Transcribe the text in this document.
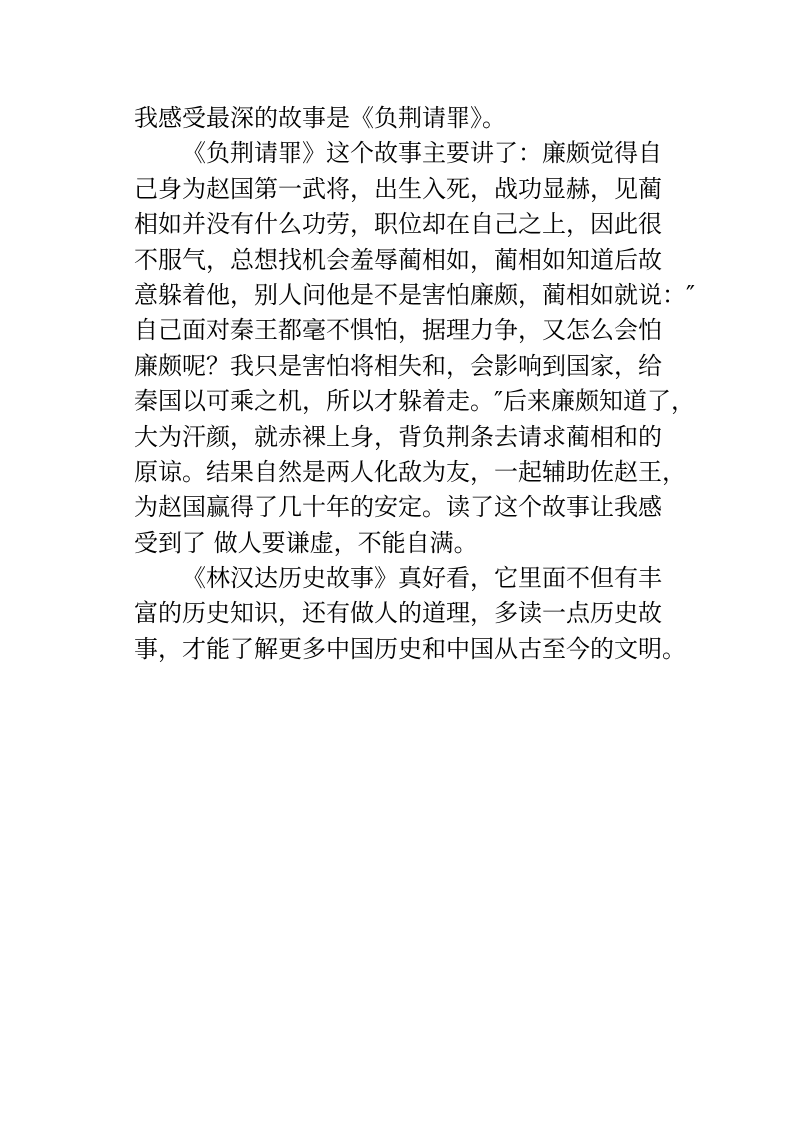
我感受最深的故事是《负荆请罪》。
《负荆请罪》这个故事主要讲了：廉颇觉得自
己身为赵国第一武将，出生入死，战功显赫，见蔺
相如并没有什么功劳，职位却在自己之上，因此很
不服气，总想找机会羞辱蔺相如，蔺相如知道后故
意躲着他，别人问他是不是害怕廉颇，蔺相如就说：″
自己面对秦王都毫不惧怕，据理力争，又怎么会怕
廉颇呢？我只是害怕将相失和，会影响到国家，给
秦国以可乘之机，所以才躲着走。″后来廉颇知道了，
大为汗颜，就赤裸上身，背负荆条去请求蔺相和的
原谅。结果自然是两人化敌为友，一起辅助佐赵王，
为赵国赢得了几十年的安定。读了这个故事让我感
受到了 做人要谦虚，不能自满。
《林汉达历史故事》真好看，它里面不但有丰
富的历史知识，还有做人的道理，多读一点历史故
事，才能了解更多中国历史和中国从古至今的文明。
